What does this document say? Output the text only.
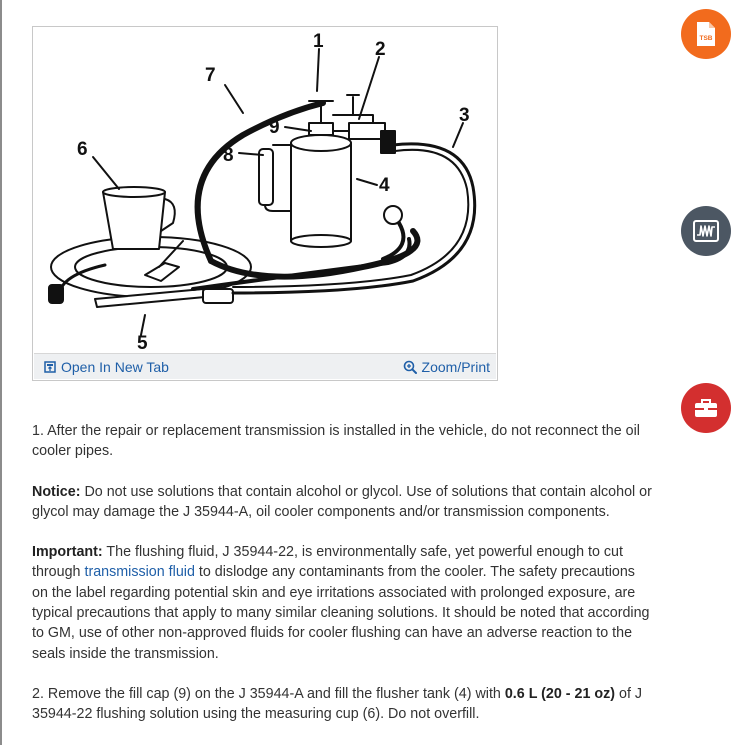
1	2
3
4
5
6
7
8
9
Open In New Tab	Zoom/Print
TSB

1. After the repair or replacement transmission is installed in the vehicle, do not reconnect the oil cooler pipes.

Notice: Do not use solutions that contain alcohol or glycol. Use of solutions that contain alcohol or glycol may damage the J 35944-A, oil cooler components and/or transmission components.

Important: The flushing fluid, J 35944-22, is environmentally safe, yet powerful enough to cut through transmission fluid to dislodge any contaminants from the cooler. The safety precautions on the label regarding potential skin and eye irritations associated with prolonged exposure, are typical precautions that apply to many similar cleaning solutions. It should be noted that according to GM, use of other non-approved fluids for cooler flushing can have an adverse reaction to the seals inside the transmission.

2. Remove the fill cap (9) on the J 35944-A and fill the flusher tank (4) with 0.6 L (20 - 21 oz) of J 35944-22 flushing solution using the measuring cup (6). Do not overfill.
